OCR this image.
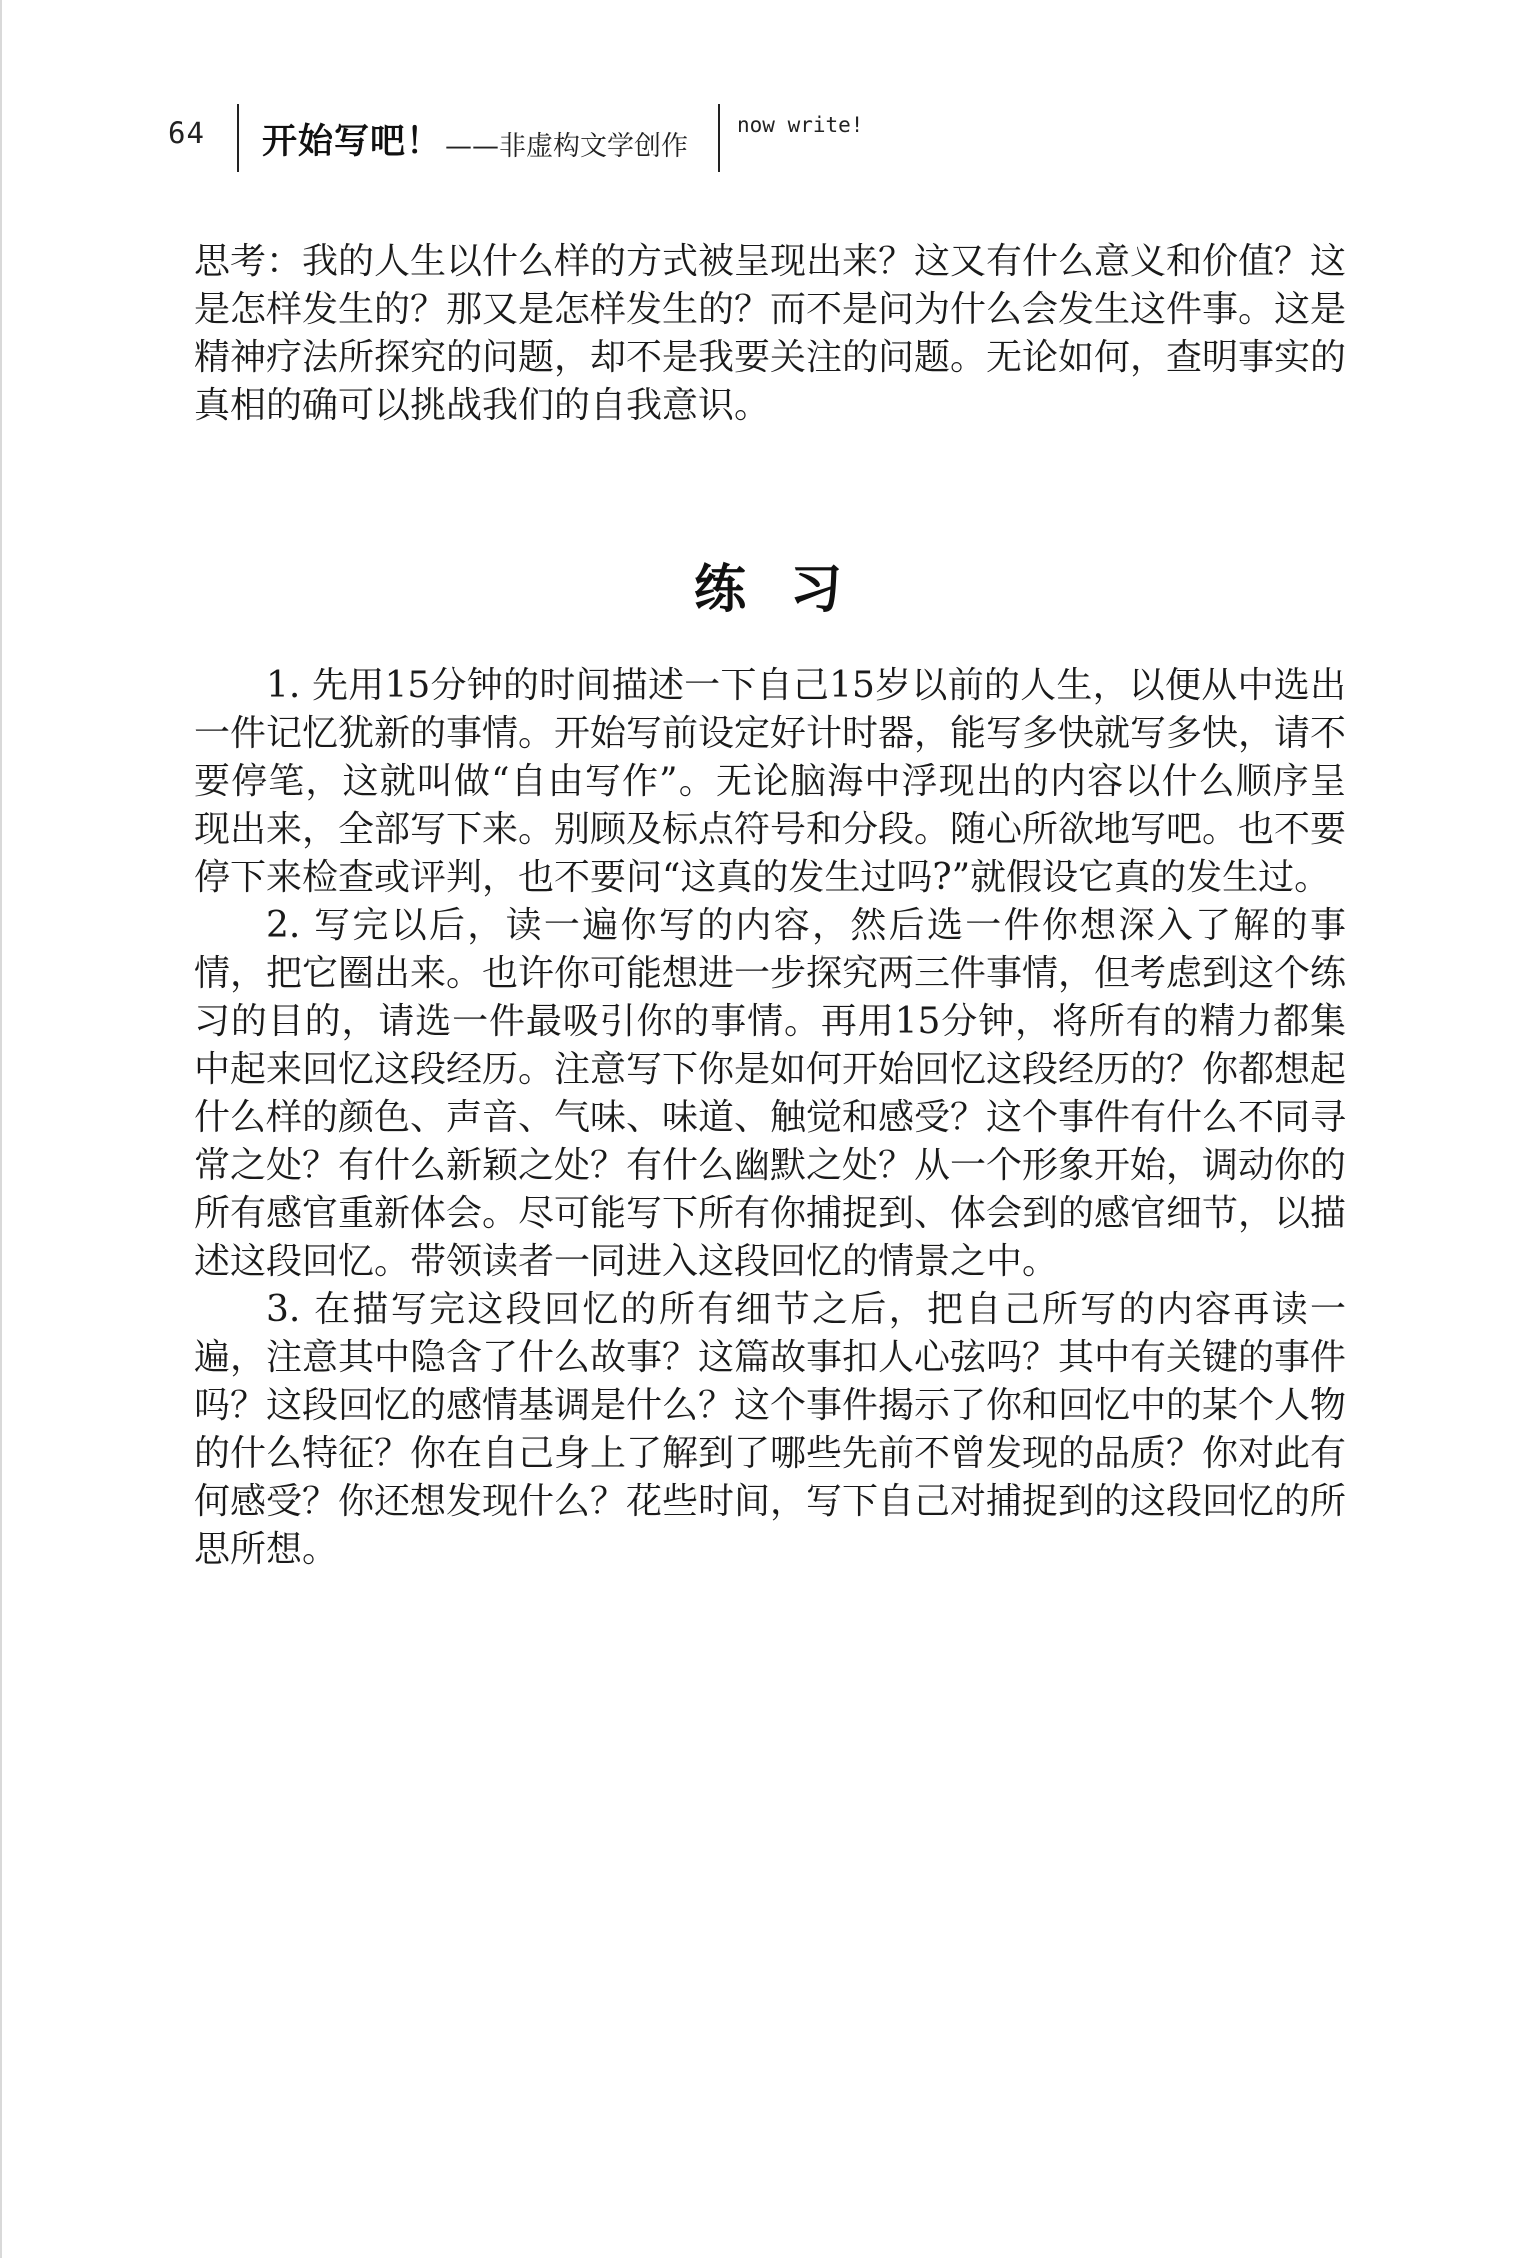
64 开始写吧！ ——非虚构文学创作
now write!

思考：我的人生以什么样的方式被呈现出来？这又有什么意义和价值？这是怎样发生的？那又是怎样发生的？而不是问为什么会发生这件事。这是精神疗法所探究的问题，却不是我要关注的问题。无论如何，查明事实的真相的确可以挑战我们的自我意识。

练习

1. 先用15分钟的时间描述一下自己15岁以前的人生，以便从中选出一件记忆犹新的事情。开始写前设定好计时器，能写多快就写多快，请不要停笔，这就叫做“自由写作”。无论脑海中浮现出的内容以什么顺序呈现出来，全部写下来。别顾及标点符号和分段。随心所欲地写吧。也不要停下来检查或评判，也不要问“这真的发生过吗?”就假设它真的发生过。

2. 写完以后，读一遍你写的内容，然后选一件你想深入了解的事情，把它圈出来。也许你可能想进一步探究两三件事情，但考虑到这个练习的目的，请选一件最吸引你的事情。再用15分钟，将所有的精力都集中起来回忆这段经历。注意写下你是如何开始回忆这段经历的？你都想起什么样的颜色、声音、气味、味道、触觉和感受？这个事件有什么不同寻常之处？有什么新颖之处？有什么幽默之处？从一个形象开始，调动你的所有感官重新体会。尽可能写下所有你捕捉到、体会到的感官细节，以描述这段回忆。带领读者一同进入这段回忆的情景之中。

3. 在描写完这段回忆的所有细节之后，把自己所写的内容再读一遍，注意其中隐含了什么故事？这篇故事扣人心弦吗？其中有关键的事件吗？这段回忆的感情基调是什么？这个事件揭示了你和回忆中的某个人物的什么特征？你在自己身上了解到了哪些先前不曾发现的品质？你对此有何感受？你还想发现什么？花些时间，写下自己对捕捉到的这段回忆的所思所想。
